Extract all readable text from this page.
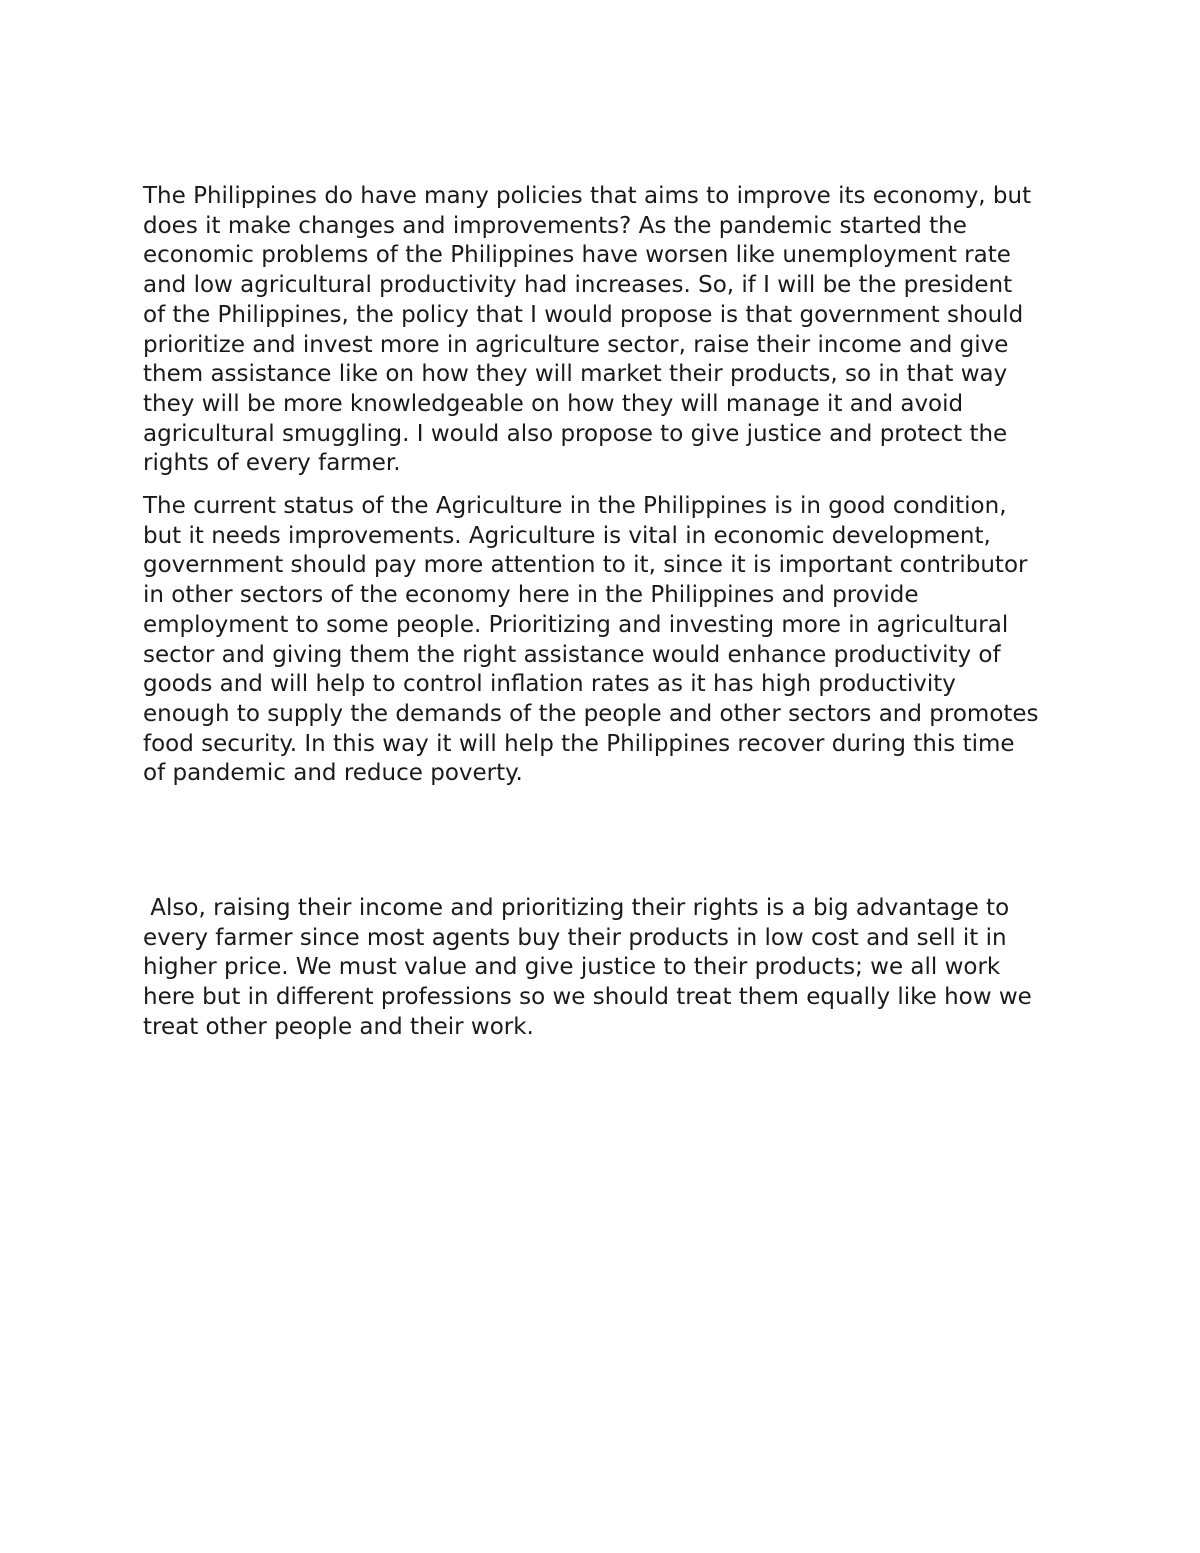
The Philippines do have many policies that aims to improve its economy, but
does it make changes and improvements? As the pandemic started the
economic problems of the Philippines have worsen like unemployment rate
and low agricultural productivity had increases. So, if I will be the president
of the Philippines, the policy that I would propose is that government should
prioritize and invest more in agriculture sector, raise their income and give
them assistance like on how they will market their products, so in that way
they will be more knowledgeable on how they will manage it and avoid
agricultural smuggling. I would also propose to give justice and protect the
rights of every farmer.

The current status of the Agriculture in the Philippines is in good condition,
but it needs improvements. Agriculture is vital in economic development,
government should pay more attention to it, since it is important contributor
in other sectors of the economy here in the Philippines and provide
employment to some people. Prioritizing and investing more in agricultural
sector and giving them the right assistance would enhance productivity of
goods and will help to control inflation rates as it has high productivity
enough to supply the demands of the people and other sectors and promotes
food security. In this way it will help the Philippines recover during this time
of pandemic and reduce poverty.

Also, raising their income and prioritizing their rights is a big advantage to
every farmer since most agents buy their products in low cost and sell it in
higher price. We must value and give justice to their products; we all work
here but in different professions so we should treat them equally like how we
treat other people and their work.
